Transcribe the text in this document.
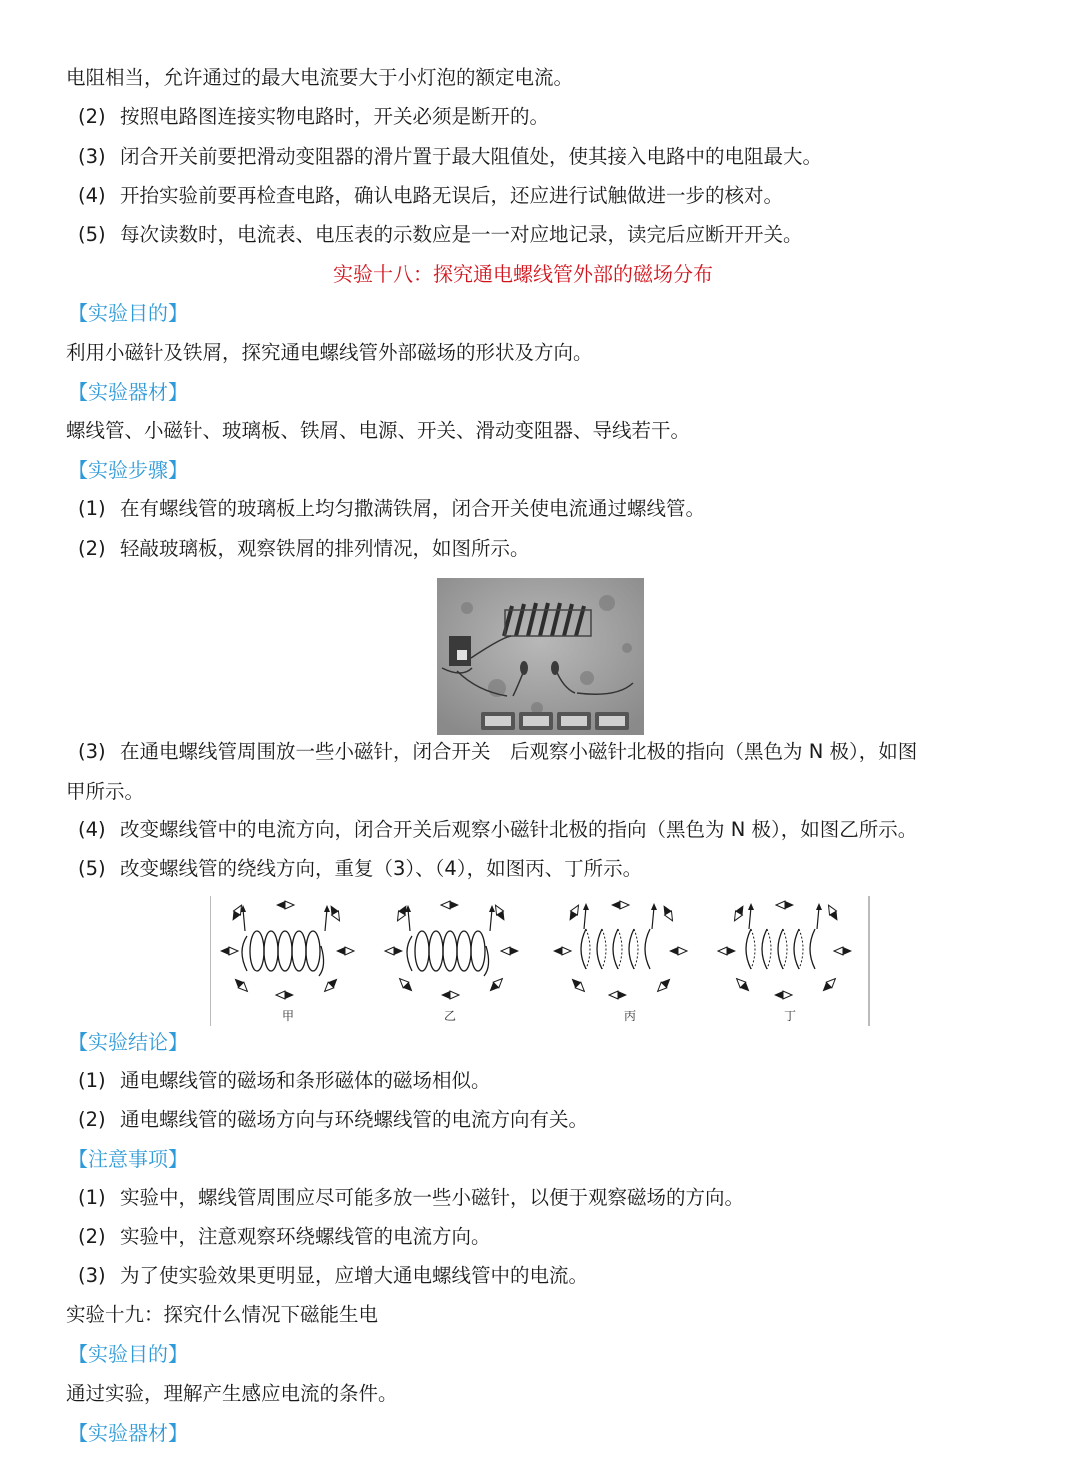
电阻相当，允许通过的最大电流要大于小灯泡的额定电流。
(2) 按照电路图连接实物电路时，开关必须是断开的。
(3) 闭合开关前要把滑动变阻器的滑片置于最大阻值处，使其接入电路中的电阻最大。
(4) 开抬实验前要再检查电路，确认电路无误后，还应进行试触做进一步的核对。
(5) 每次读数时，电流表、电压表的示数应是一一对应地记录，读完后应断开开关。
实验十八：探究通电螺线管外部的磁场分布
【实验目的】
利用小磁针及铁屑，探究通电螺线管外部磁场的形状及方向。
【实验器材】
螺线管、小磁针、玻璃板、铁屑、电源、开关、滑动变阻器、导线若干。
【实验步骤】
(1) 在有螺线管的玻璃板上均匀撒满铁屑，闭合开关使电流通过螺线管。
(2) 轻敲玻璃板，观察铁屑的排列情况，如图所示。
(3) 在通电螺线管周围放一些小磁针，闭合开关　后观察小磁针北极的指向（黑色为 N 极），如图
甲所示。
(4) 改变螺线管中的电流方向，闭合开关后观察小磁针北极的指向（黑色为 N 极），如图乙所示。
(5) 改变螺线管的绕线方向，重复（3）、（4），如图丙、丁所示。
甲	乙	丙	丁
【实验结论】
(1) 通电螺线管的磁场和条形磁体的磁场相似。
(2) 通电螺线管的磁场方向与环绕螺线管的电流方向有关。
【注意事项】
(1) 实验中，螺线管周围应尽可能多放一些小磁针，以便于观察磁场的方向。
(2) 实验中，注意观察环绕螺线管的电流方向。
(3) 为了使实验效果更明显，应增大通电螺线管中的电流。
实验十九：探究什么情况下磁能生电
【实验目的】
通过实验，理解产生感应电流的条件。
【实验器材】
